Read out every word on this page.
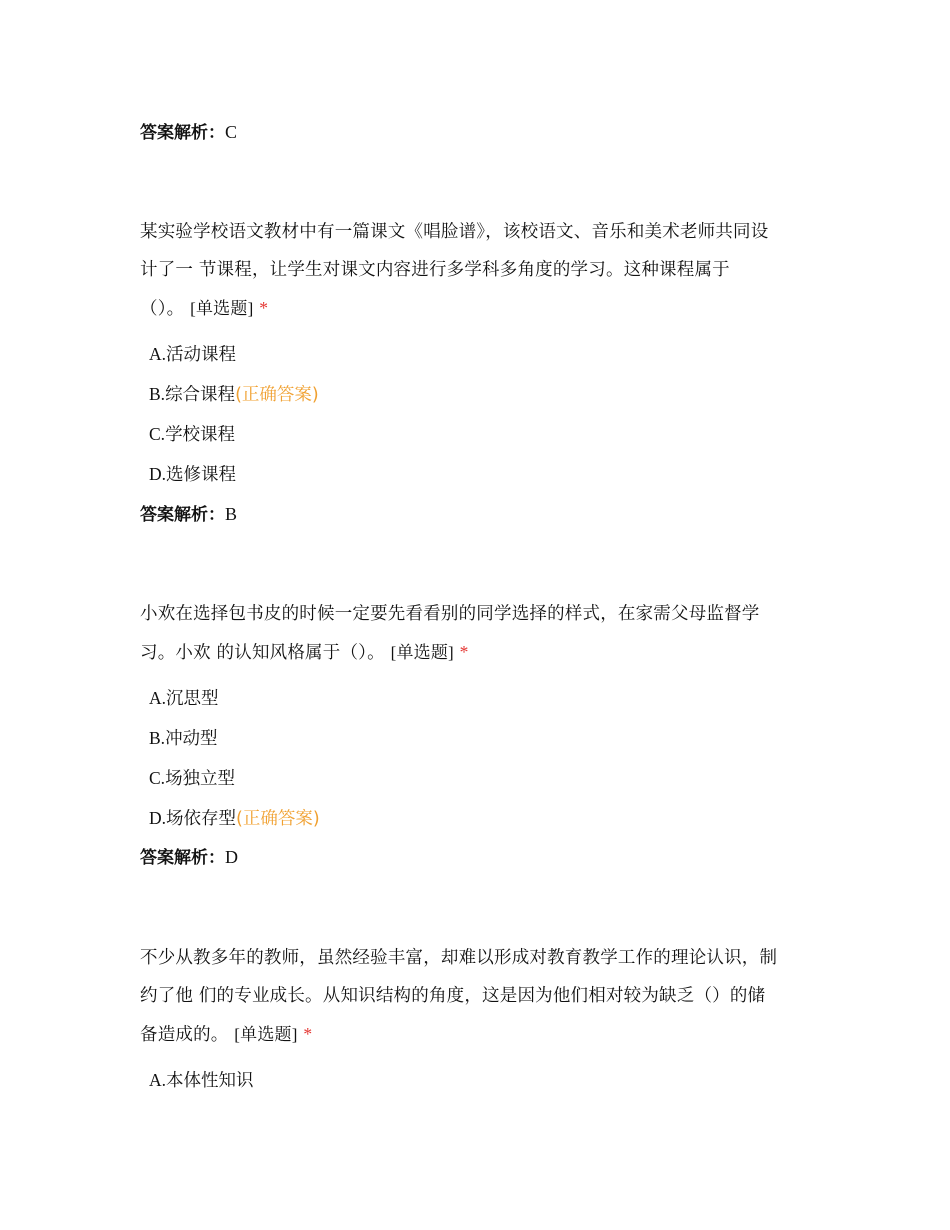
答案解析：C
某实验学校语文教材中有一篇课文《唱脸谱》，该校语文、音乐和美术老师共同设
计了一 节课程，让学生对课文内容进行多学科多角度的学习。这种课程属于
（）。 [单选题] *
A.活动课程
B.综合课程(正确答案)
C.学校课程
D.选修课程
答案解析：B
小欢在选择包书皮的时候一定要先看看别的同学选择的样式，在家需父母监督学
习。小欢 的认知风格属于（）。 [单选题] *
A.沉思型
B.冲动型
C.场独立型
D.场依存型(正确答案)
答案解析：D
不少从教多年的教师，虽然经验丰富，却难以形成对教育教学工作的理论认识，制
约了他 们的专业成长。从知识结构的角度，这是因为他们相对较为缺乏（）的储
备造成的。 [单选题] *
A.本体性知识
